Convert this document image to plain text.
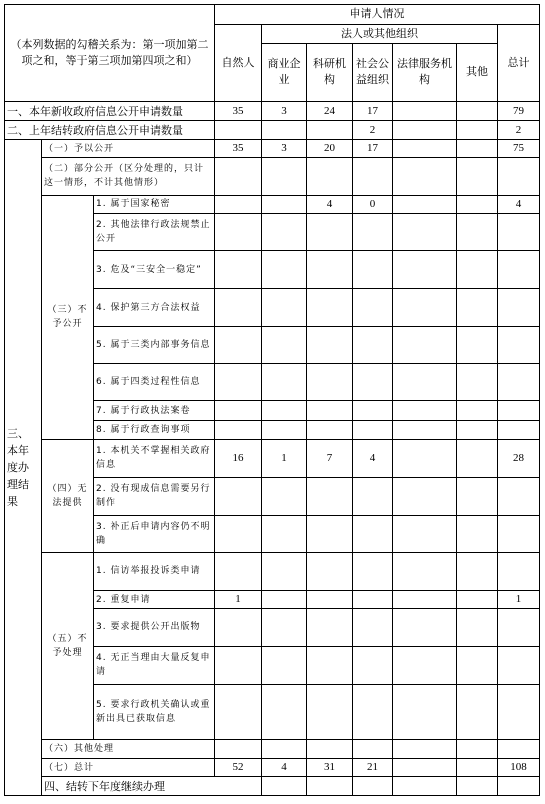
（本列数据的勾稽关系为：第一项加第二项之和，等于第三项加第四项之和）			申请人情况							
			自然人	法人或其他组织					总计	
				商业企业	科研机构	社会公益组织	法律服务机构	其他		
一、本年新收政府信息公开申请数量			35	3	24	17			79	
二、上年结转政府信息公开申请数量						2			2	
三、本年度办理结果	（一）予以公开		35	3	20	17			75	
	（二）部分公开（区分处理的，只计这一情形，不计其他情形）									
	（三）不予公开	1. 属于国家秘密			4	0			4	
		2. 其他法律行政法规禁止公开								
		3. 危及“三安全一稳定”								
		4. 保护第三方合法权益								
		5. 属于三类内部事务信息								
		6. 属于四类过程性信息								
		7. 属于行政执法案卷								
		8. 属于行政查询事项								
	（四）无法提供	1. 本机关不掌握相关政府信息	16	1	7	4			28	
		2. 没有现成信息需要另行制作								
		3. 补正后申请内容仍不明确								
	（五）不予处理	1. 信访举报投诉类申请								
		2. 重复申请	1						1	
		3. 要求提供公开出版物								
		4. 无正当理由大量反复申请								
		5. 要求行政机关确认或重新出具已获取信息								
	（六）其他处理									
	（七）总计		52	4	31	21			108	
	四、结转下年度继续办理									
